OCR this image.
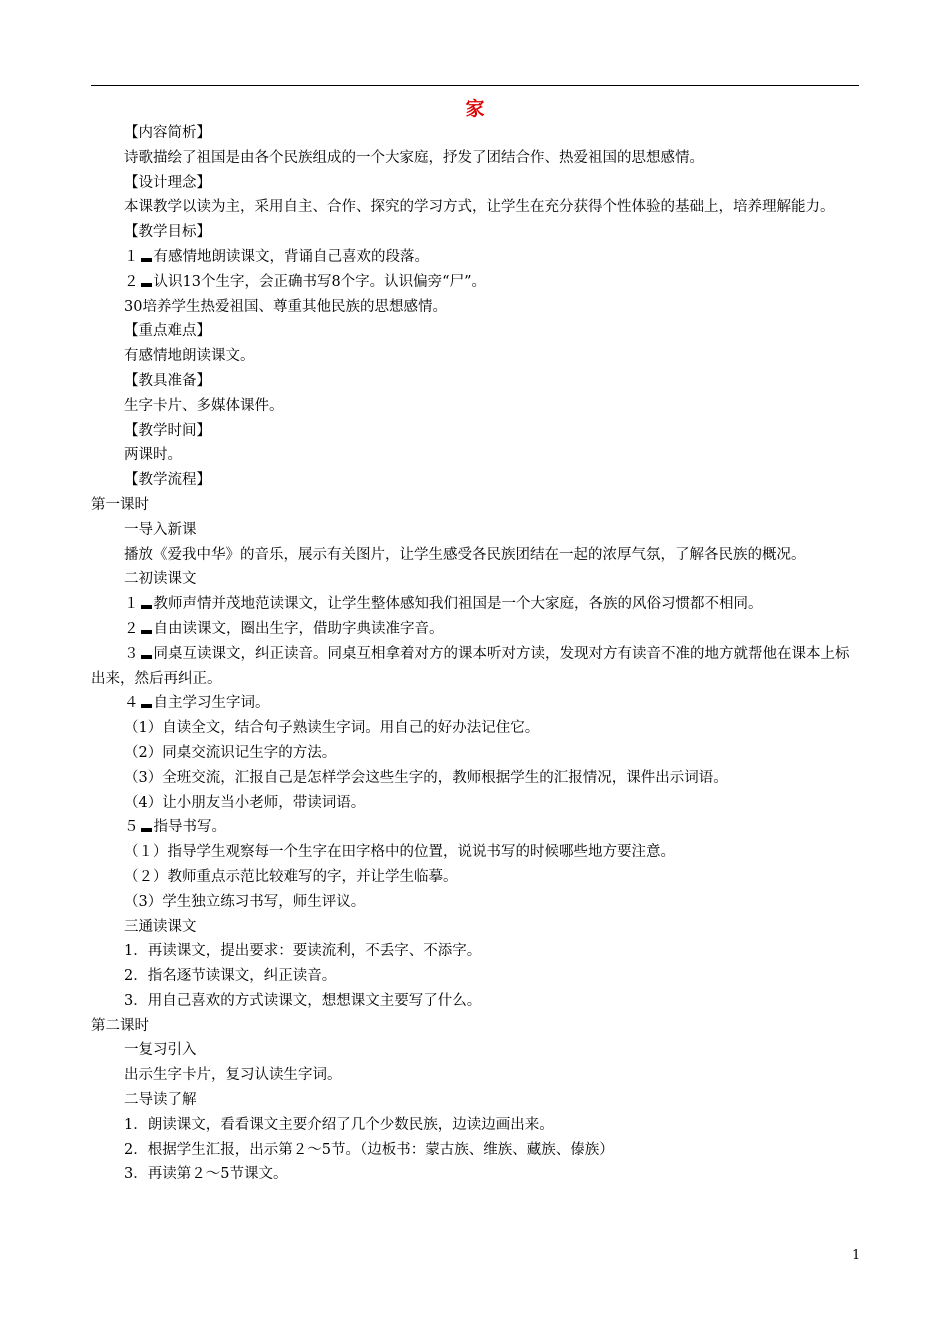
家

【内容简析】

诗歌描绘了祖国是由各个民族组成的一个大家庭，抒发了团结合作、热爱祖国的思想感情。

【设计理念】

本课教学以读为主，采用自主、合作、探究的学习方式，让学生在充分获得个性体验的基础上，培养理解能力。

【教学目标】

１ 有感情地朗读课文，背诵自己喜欢的段落。

２ 认识13个生字，会正确书写8个字。认识偏旁“尸”。

30培养学生热爱祖国、尊重其他民族的思想感情。

【重点难点】

有感情地朗读课文。

【教具准备】

生字卡片、多媒体课件。

【教学时间】

两课时。

【教学流程】

第一课时

一导入新课

播放《爱我中华》的音乐，展示有关图片，让学生感受各民族团结在一起的浓厚气氛，了解各民族的概况。

二初读课文

１ 教师声情并茂地范读课文，让学生整体感知我们祖国是一个大家庭，各族的风俗习惯都不相同。

２ 自由读课文，圈出生字，借助字典读准字音。

３ 同桌互读课文，纠正读音。同桌互相拿着对方的课本听对方读，发现对方有读音不准的地方就帮他在课本上标出来，然后再纠正。

４ 自主学习生字词。

（1）自读全文，结合句子熟读生字词。用自己的好办法记住它。

（2）同桌交流识记生字的方法。

（3）全班交流，汇报自己是怎样学会这些生字的，教师根据学生的汇报情况，课件出示词语。

（4）让小朋友当小老师，带读词语。

５ 指导书写。

（１）指导学生观察每一个生字在田字格中的位置，说说书写的时候哪些地方要注意。

（２）教师重点示范比较难写的字，并让学生临摹。

（3）学生独立练习书写，师生评议。

三通读课文

1．再读课文，提出要求：要读流利，不丢字、不添字。

2．指名逐节读课文，纠正读音。

3．用自己喜欢的方式读课文，想想课文主要写了什么。

第二课时

一复习引入

出示生字卡片，复习认读生字词。

二导读了解

1．朗读课文，看看课文主要介绍了几个少数民族，边读边画出来。

2．根据学生汇报，出示第２～5节。（边板书：蒙古族、维族、藏族、傣族）

3．再读第２～5节课文。

1
